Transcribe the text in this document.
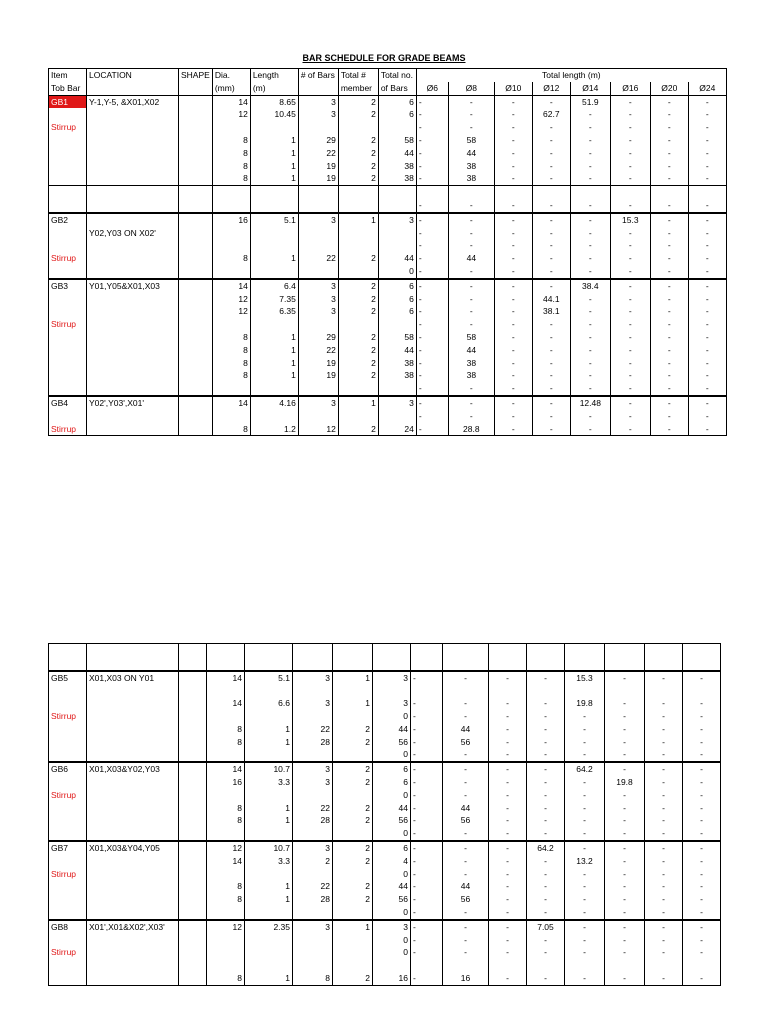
BAR SCHEDULE FOR GRADE BEAMS
Item	LOCATION	SHAPE	Dia.	Length	# of Bars	Total #	Total no.	Total length (m)							
Tob Bar			(mm)	(m)		member	of Bars	Ø6	Ø8	Ø10	Ø12	Ø14	Ø16	Ø20	Ø24
GB1	Y-1,Y-5, &X01,X02		14	8.65	3	2	6	-	-	-	-	51.9	-	-	-
			12	10.45	3	2	6	-	-	-	62.7	-	-	-	-
Stirrup								-	-	-	-	-	-	-	-
			8	1	29	2	58	-	58	-	-	-	-	-	-
			8	1	22	2	44	-	44	-	-	-	-	-	-
			8	1	19	2	38	-	38	-	-	-	-	-	-
			8	1	19	2	38	-	38	-	-	-	-	-	-

								-	-	-	-	-	-	-	-
GB2			16	5.1	3	1	3	-	-	-	-	-	15.3	-	-
	Y02,Y03 ON X02'							-	-	-	-	-	-	-	-
								-	-	-	-	-	-	-	-
Stirrup			8	1	22	2	44	-	44	-	-	-	-	-	-
							0	-	-	-	-	-	-	-	-
GB3	Y01,Y05&X01,X03		14	6.4	3	2	6	-	-	-	-	38.4	-	-	-
			12	7.35	3	2	6	-	-	-	44.1	-	-	-	-
			12	6.35	3	2	6	-	-	-	38.1	-	-	-	-
Stirrup								-	-	-	-	-	-	-	-
			8	1	29	2	58	-	58	-	-	-	-	-	-
			8	1	22	2	44	-	44	-	-	-	-	-	-
			8	1	19	2	38	-	38	-	-	-	-	-	-
			8	1	19	2	38	-	38	-	-	-	-	-	-
								-	-	-	-	-	-	-	-
GB4	Y02',Y03',X01'		14	4.16	3	1	3	-	-	-	-	12.48	-	-	-
								-	-	-	-	-	-	-	-
Stirrup			8	1.2	12	2	24	-	28.8	-	-	-	-	-	-

GB5	X01,X03 ON Y01		14	5.1	3	1	3	-	-	-	-	15.3	-	-	-

			14	6.6	3	1	3	-	-	-	-	19.8	-	-	-
Stirrup							0	-	-	-	-	-	-	-	-
			8	1	22	2	44	-	44	-	-	-	-	-	-
			8	1	28	2	56	-	56	-	-	-	-	-	-
							0	-	-	-	-	-	-	-	-
GB6	X01,X03&Y02,Y03		14	10.7	3	2	6	-	-	-	-	64.2	-	-	-
			16	3.3	3	2	6	-	-	-	-	-	19.8	-	-
Stirrup							0	-	-	-	-	-	-	-	-
			8	1	22	2	44	-	44	-	-	-	-	-	-
			8	1	28	2	56	-	56	-	-	-	-	-	-
							0	-	-	-	-	-	-	-	-
GB7	X01,X03&Y04,Y05		12	10.7	3	2	6	-	-	-	64.2	-	-	-	-
			14	3.3	2	2	4	-	-	-	-	13.2	-	-	-
Stirrup							0	-	-	-	-	-	-	-	-
			8	1	22	2	44	-	44	-	-	-	-	-	-
			8	1	28	2	56	-	56	-	-	-	-	-	-
							0	-	-	-	-	-	-	-	-
GB8	X01',X01&X02',X03'		12	2.35	3	1	3	-	-	-	7.05	-	-	-	-
							0	-	-	-	-	-	-	-	-
Stirrup							0	-	-	-	-	-	-	-	-

			8	1	8	2	16	-	16	-	-	-	-	-	-
